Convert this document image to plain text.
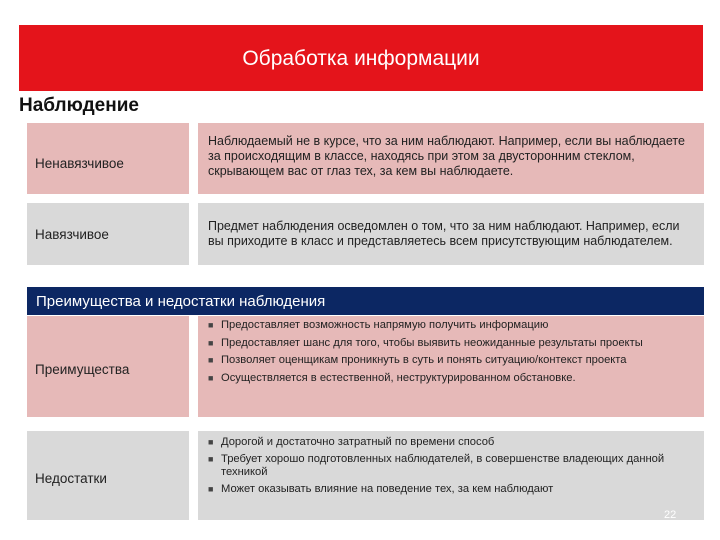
Обработка информации
Наблюдение
Ненавязчивое
Наблюдаемый не в курсе, что за ним наблюдают. Например, если вы наблюдаете за происходящим в классе, находясь при этом за двусторонним стеклом, скрывающем вас от глаз тех, за кем вы наблюдаете.
Навязчивое
Предмет наблюдения осведомлен о том, что за ним наблюдают. Например, если вы приходите в класс и представляетесь всем присутствующим наблюдателем.
Преимущества и недостатки наблюдения
Преимущества
■ Предоставляет возможность напрямую получить информацию
■ Предоставляет шанс для того, чтобы выявить неожиданные результаты проекты
■ Позволяет оценщикам проникнуть в суть и понять ситуацию/контекст проекта
■ Осуществляется в естественной, неструктурированном обстановке.
Недостатки
■ Дорогой и достаточно затратный по времени способ
■ Требует хорошо подготовленных наблюдателей, в совершенстве владеющих данной техникой
■ Может оказывать влияние на поведение тех, за кем наблюдают
22
